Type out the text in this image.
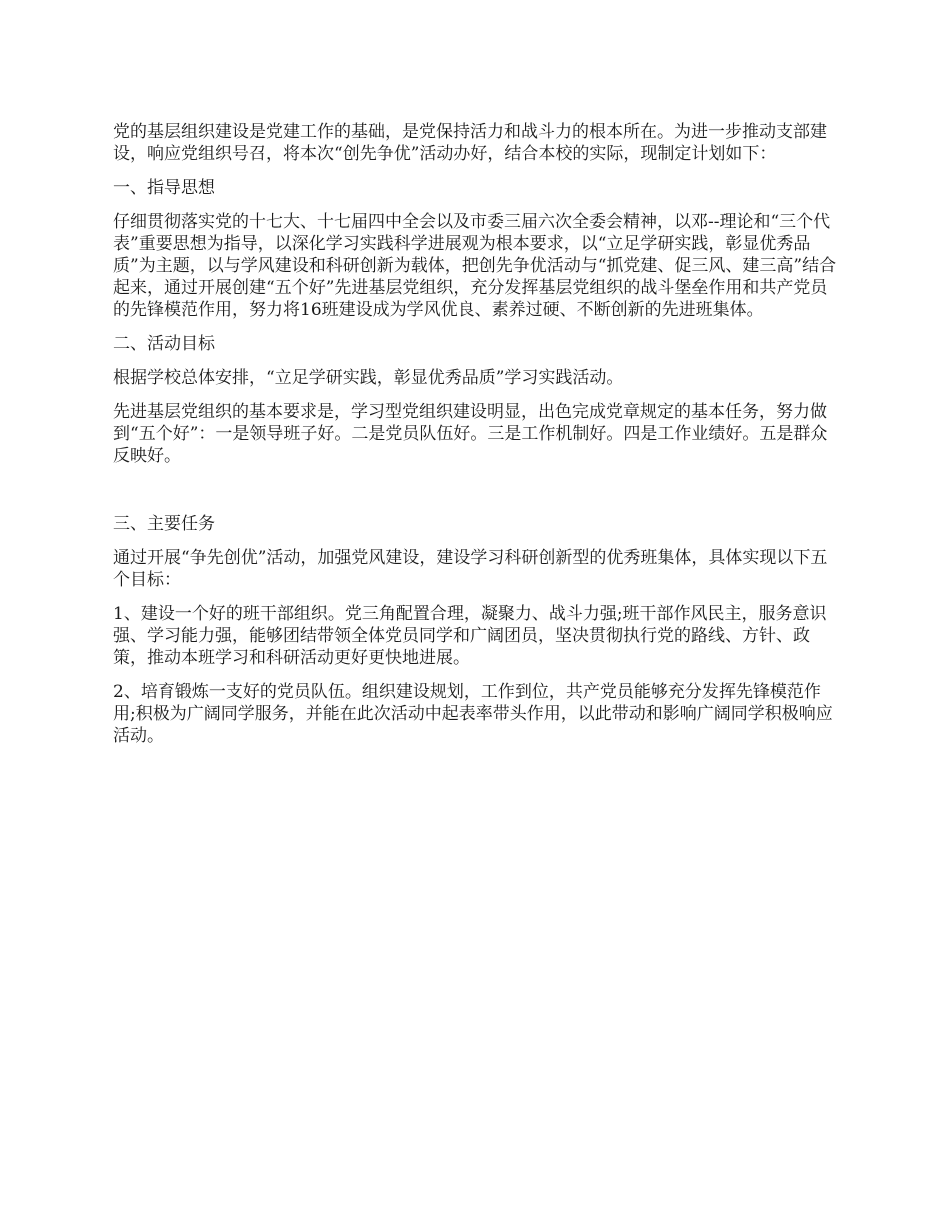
党的基层组织建设是党建工作的基础，是党保持活力和战斗力的根本所在。为进一步推动支部建设，响应党组织号召，将本次“创先争优”活动办好，结合本校的实际，现制定计划如下：

一、指导思想

仔细贯彻落实党的十七大、十七届四中全会以及市委三届六次全委会精神，以邓--理论和“三个代表”重要思想为指导，以深化学习实践科学进展观为根本要求，以“立足学研实践，彰显优秀品质”为主题，以与学风建设和科研创新为载体，把创先争优活动与“抓党建、促三风、建三高”结合起来，通过开展创建“五个好”先进基层党组织，充分发挥基层党组织的战斗堡垒作用和共产党员的先锋模范作用，努力将16班建设成为学风优良、素养过硬、不断创新的先进班集体。

二、活动目标

根据学校总体安排，“立足学研实践，彰显优秀品质”学习实践活动。

先进基层党组织的基本要求是，学习型党组织建设明显，出色完成党章规定的基本任务，努力做到“五个好”：一是领导班子好。二是党员队伍好。三是工作机制好。四是工作业绩好。五是群众反映好。

三、主要任务

通过开展“争先创优”活动，加强党风建设，建设学习科研创新型的优秀班集体，具体实现以下五个目标：

1、建设一个好的班干部组织。党三角配置合理，凝聚力、战斗力强;班干部作风民主，服务意识强、学习能力强，能够团结带领全体党员同学和广阔团员，坚决贯彻执行党的路线、方针、政策，推动本班学习和科研活动更好更快地进展。

2、培育锻炼一支好的党员队伍。组织建设规划，工作到位，共产党员能够充分发挥先锋模范作用;积极为广阔同学服务，并能在此次活动中起表率带头作用，以此带动和影响广阔同学积极响应活动。
